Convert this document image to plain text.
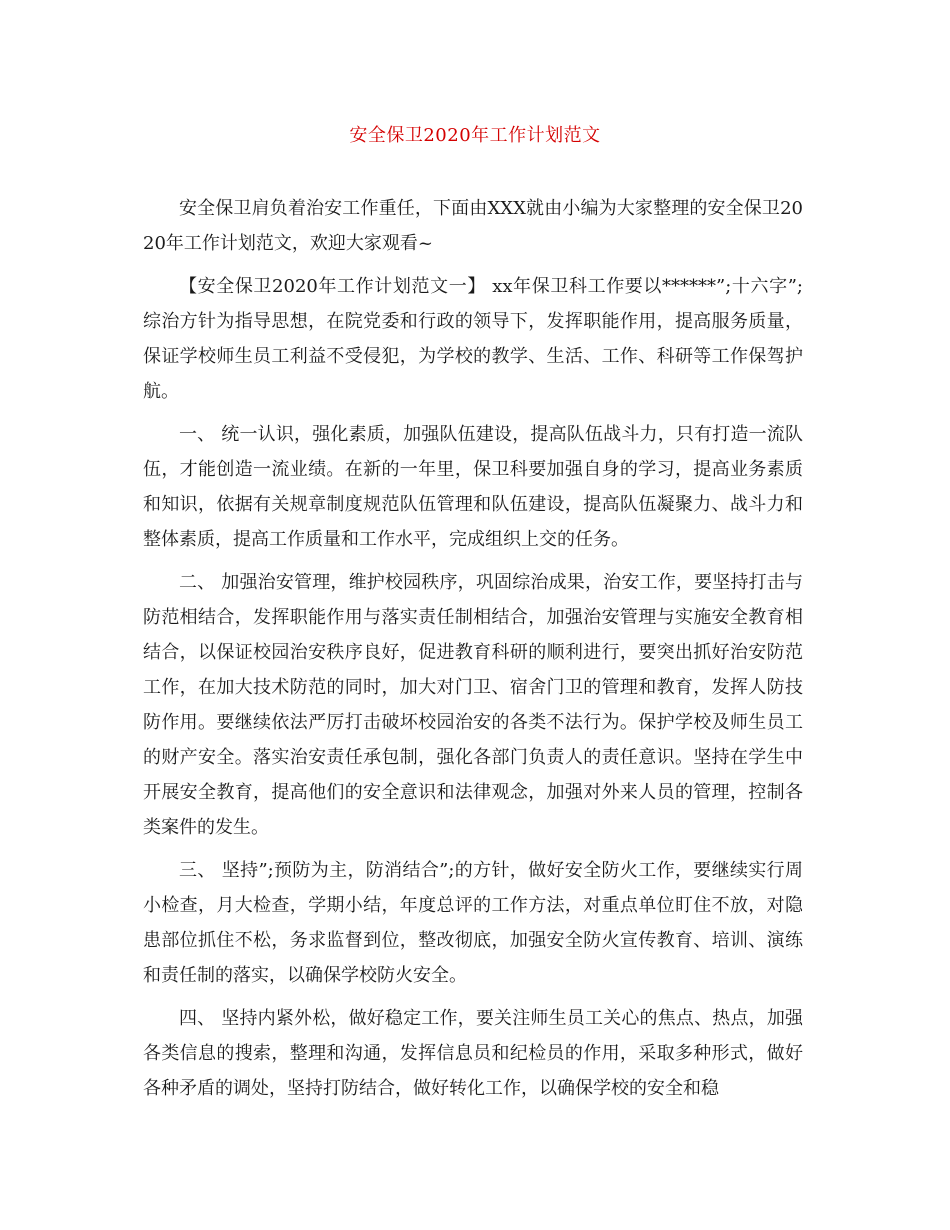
安全保卫2020年工作计划范文

安全保卫肩负着治安工作重任，下面由XXX就由小编为大家整理的安全保卫2020年工作计划范文，欢迎大家观看~

【安全保卫2020年工作计划范文一】 xx年保卫科工作要以******”;十六字”;综治方针为指导思想，在院党委和行政的领导下，发挥职能作用，提高服务质量，保证学校师生员工利益不受侵犯，为学校的教学、生活、工作、科研等工作保驾护航。

一、 统一认识，强化素质，加强队伍建设，提高队伍战斗力，只有打造一流队伍，才能创造一流业绩。在新的一年里，保卫科要加强自身的学习，提高业务素质和知识，依据有关规章制度规范队伍管理和队伍建设，提高队伍凝聚力、战斗力和整体素质，提高工作质量和工作水平，完成组织上交的任务。

二、 加强治安管理，维护校园秩序，巩固综治成果，治安工作，要坚持打击与防范相结合，发挥职能作用与落实责任制相结合，加强治安管理与实施安全教育相结合，以保证校园治安秩序良好，促进教育科研的顺利进行，要突出抓好治安防范工作，在加大技术防范的同时，加大对门卫、宿舍门卫的管理和教育，发挥人防技防作用。要继续依法严厉打击破坏校园治安的各类不法行为。保护学校及师生员工的财产安全。落实治安责任承包制，强化各部门负责人的责任意识。坚持在学生中开展安全教育，提高他们的安全意识和法律观念，加强对外来人员的管理，控制各类案件的发生。

三、 坚持”;预防为主，防消结合”;的方针，做好安全防火工作，要继续实行周小检查，月大检查，学期小结，年度总评的工作方法，对重点单位盯住不放，对隐患部位抓住不松，务求监督到位，整改彻底，加强安全防火宣传教育、培训、演练和责任制的落实，以确保学校防火安全。

四、 坚持内紧外松，做好稳定工作，要关注师生员工关心的焦点、热点，加强各类信息的搜索，整理和沟通，发挥信息员和纪检员的作用，采取多种形式，做好各种矛盾的调处，坚持打防结合，做好转化工作，以确保学校的安全和稳
